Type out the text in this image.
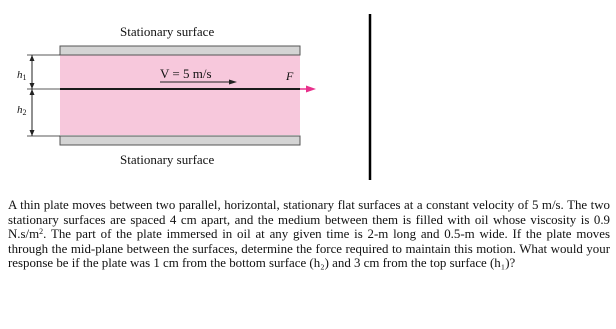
Stationary surface
V = 5 m/s	F
$h_1$
$h_2$
Stationary surface
A thin plate moves between two parallel, horizontal, stationary flat surfaces at a constant velocity of 5 m/s. The two stationary surfaces are spaced 4 cm apart, and the medium between them is filled with oil whose viscosity is 0.9 $N.s/m^2$. The part of the plate immersed in oil at any given time is 2-m long and 0.5-m wide. If the plate moves through the mid-plane between the surfaces, determine the force required to maintain this motion. What would your response be if the plate was 1 cm from the bottom surface (h₂) and 3 cm from the top surface (h₁)?
